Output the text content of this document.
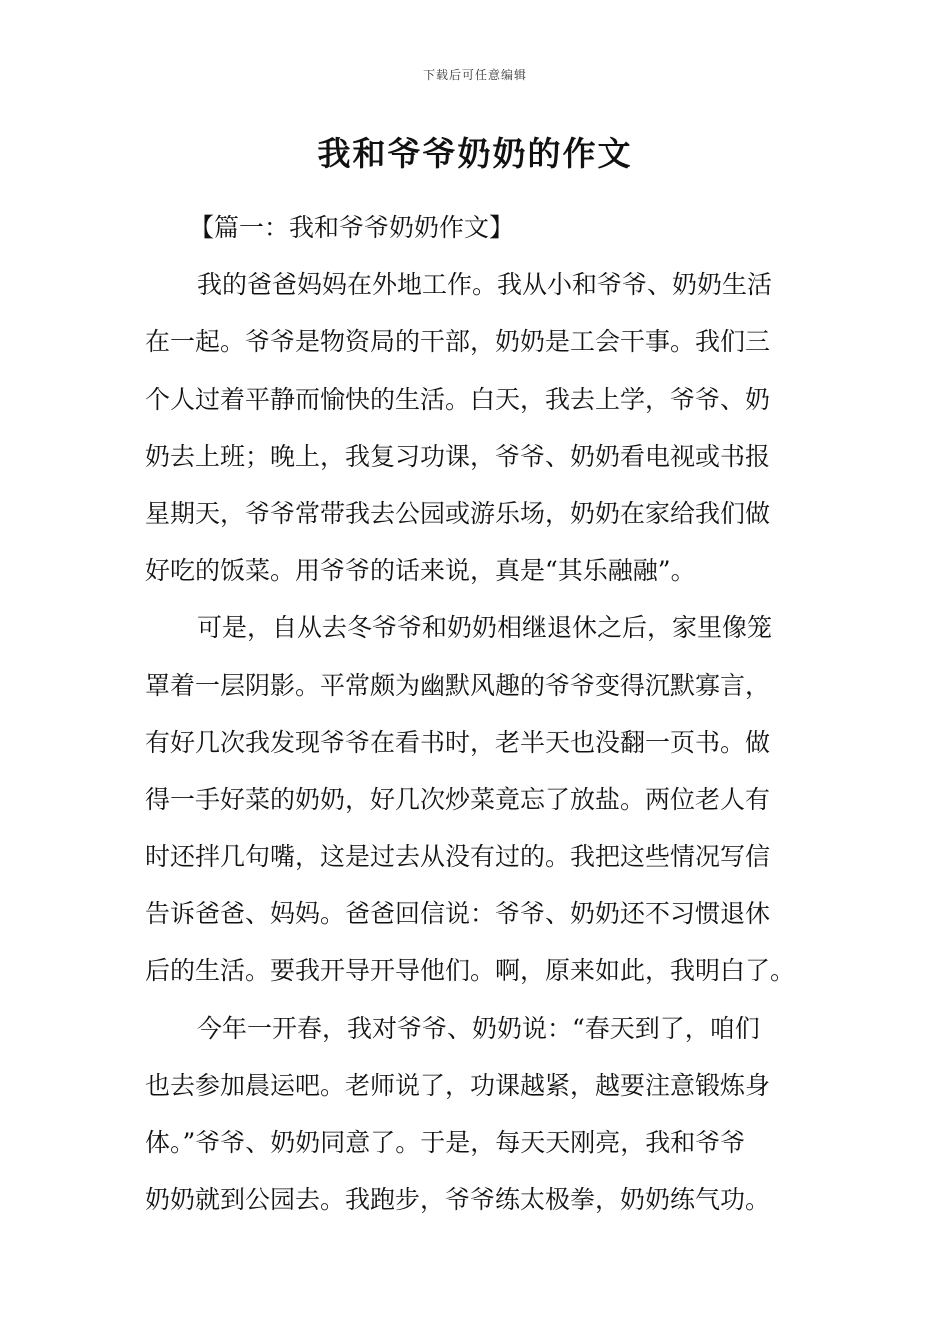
下载后可任意编辑
我和爷爷奶奶的作文
【篇一：我和爷爷奶奶作文】
我的爸爸妈妈在外地工作。我从小和爷爷、奶奶生活
在一起。爷爷是物资局的干部，奶奶是工会干事。我们三
个人过着平静而愉快的生活。白天，我去上学，爷爷、奶
奶去上班；晚上，我复习功课，爷爷、奶奶看电视或书报
星期天，爷爷常带我去公园或游乐场，奶奶在家给我们做
好吃的饭菜。用爷爷的话来说，真是“其乐融融”。
可是，自从去冬爷爷和奶奶相继退休之后，家里像笼
罩着一层阴影。平常颇为幽默风趣的爷爷变得沉默寡言，
有好几次我发现爷爷在看书时，老半天也没翻一页书。做
得一手好菜的奶奶，好几次炒菜竟忘了放盐。两位老人有
时还拌几句嘴，这是过去从没有过的。我把这些情况写信
告诉爸爸、妈妈。爸爸回信说：爷爷、奶奶还不习惯退休
后的生活。要我开导开导他们。啊，原来如此，我明白了。
今年一开春，我对爷爷、奶奶说：“春天到了，咱们
也去参加晨运吧。老师说了，功课越紧，越要注意锻炼身
体。”爷爷、奶奶同意了。于是，每天天刚亮，我和爷爷
奶奶就到公园去。我跑步，爷爷练太极拳，奶奶练气功。
